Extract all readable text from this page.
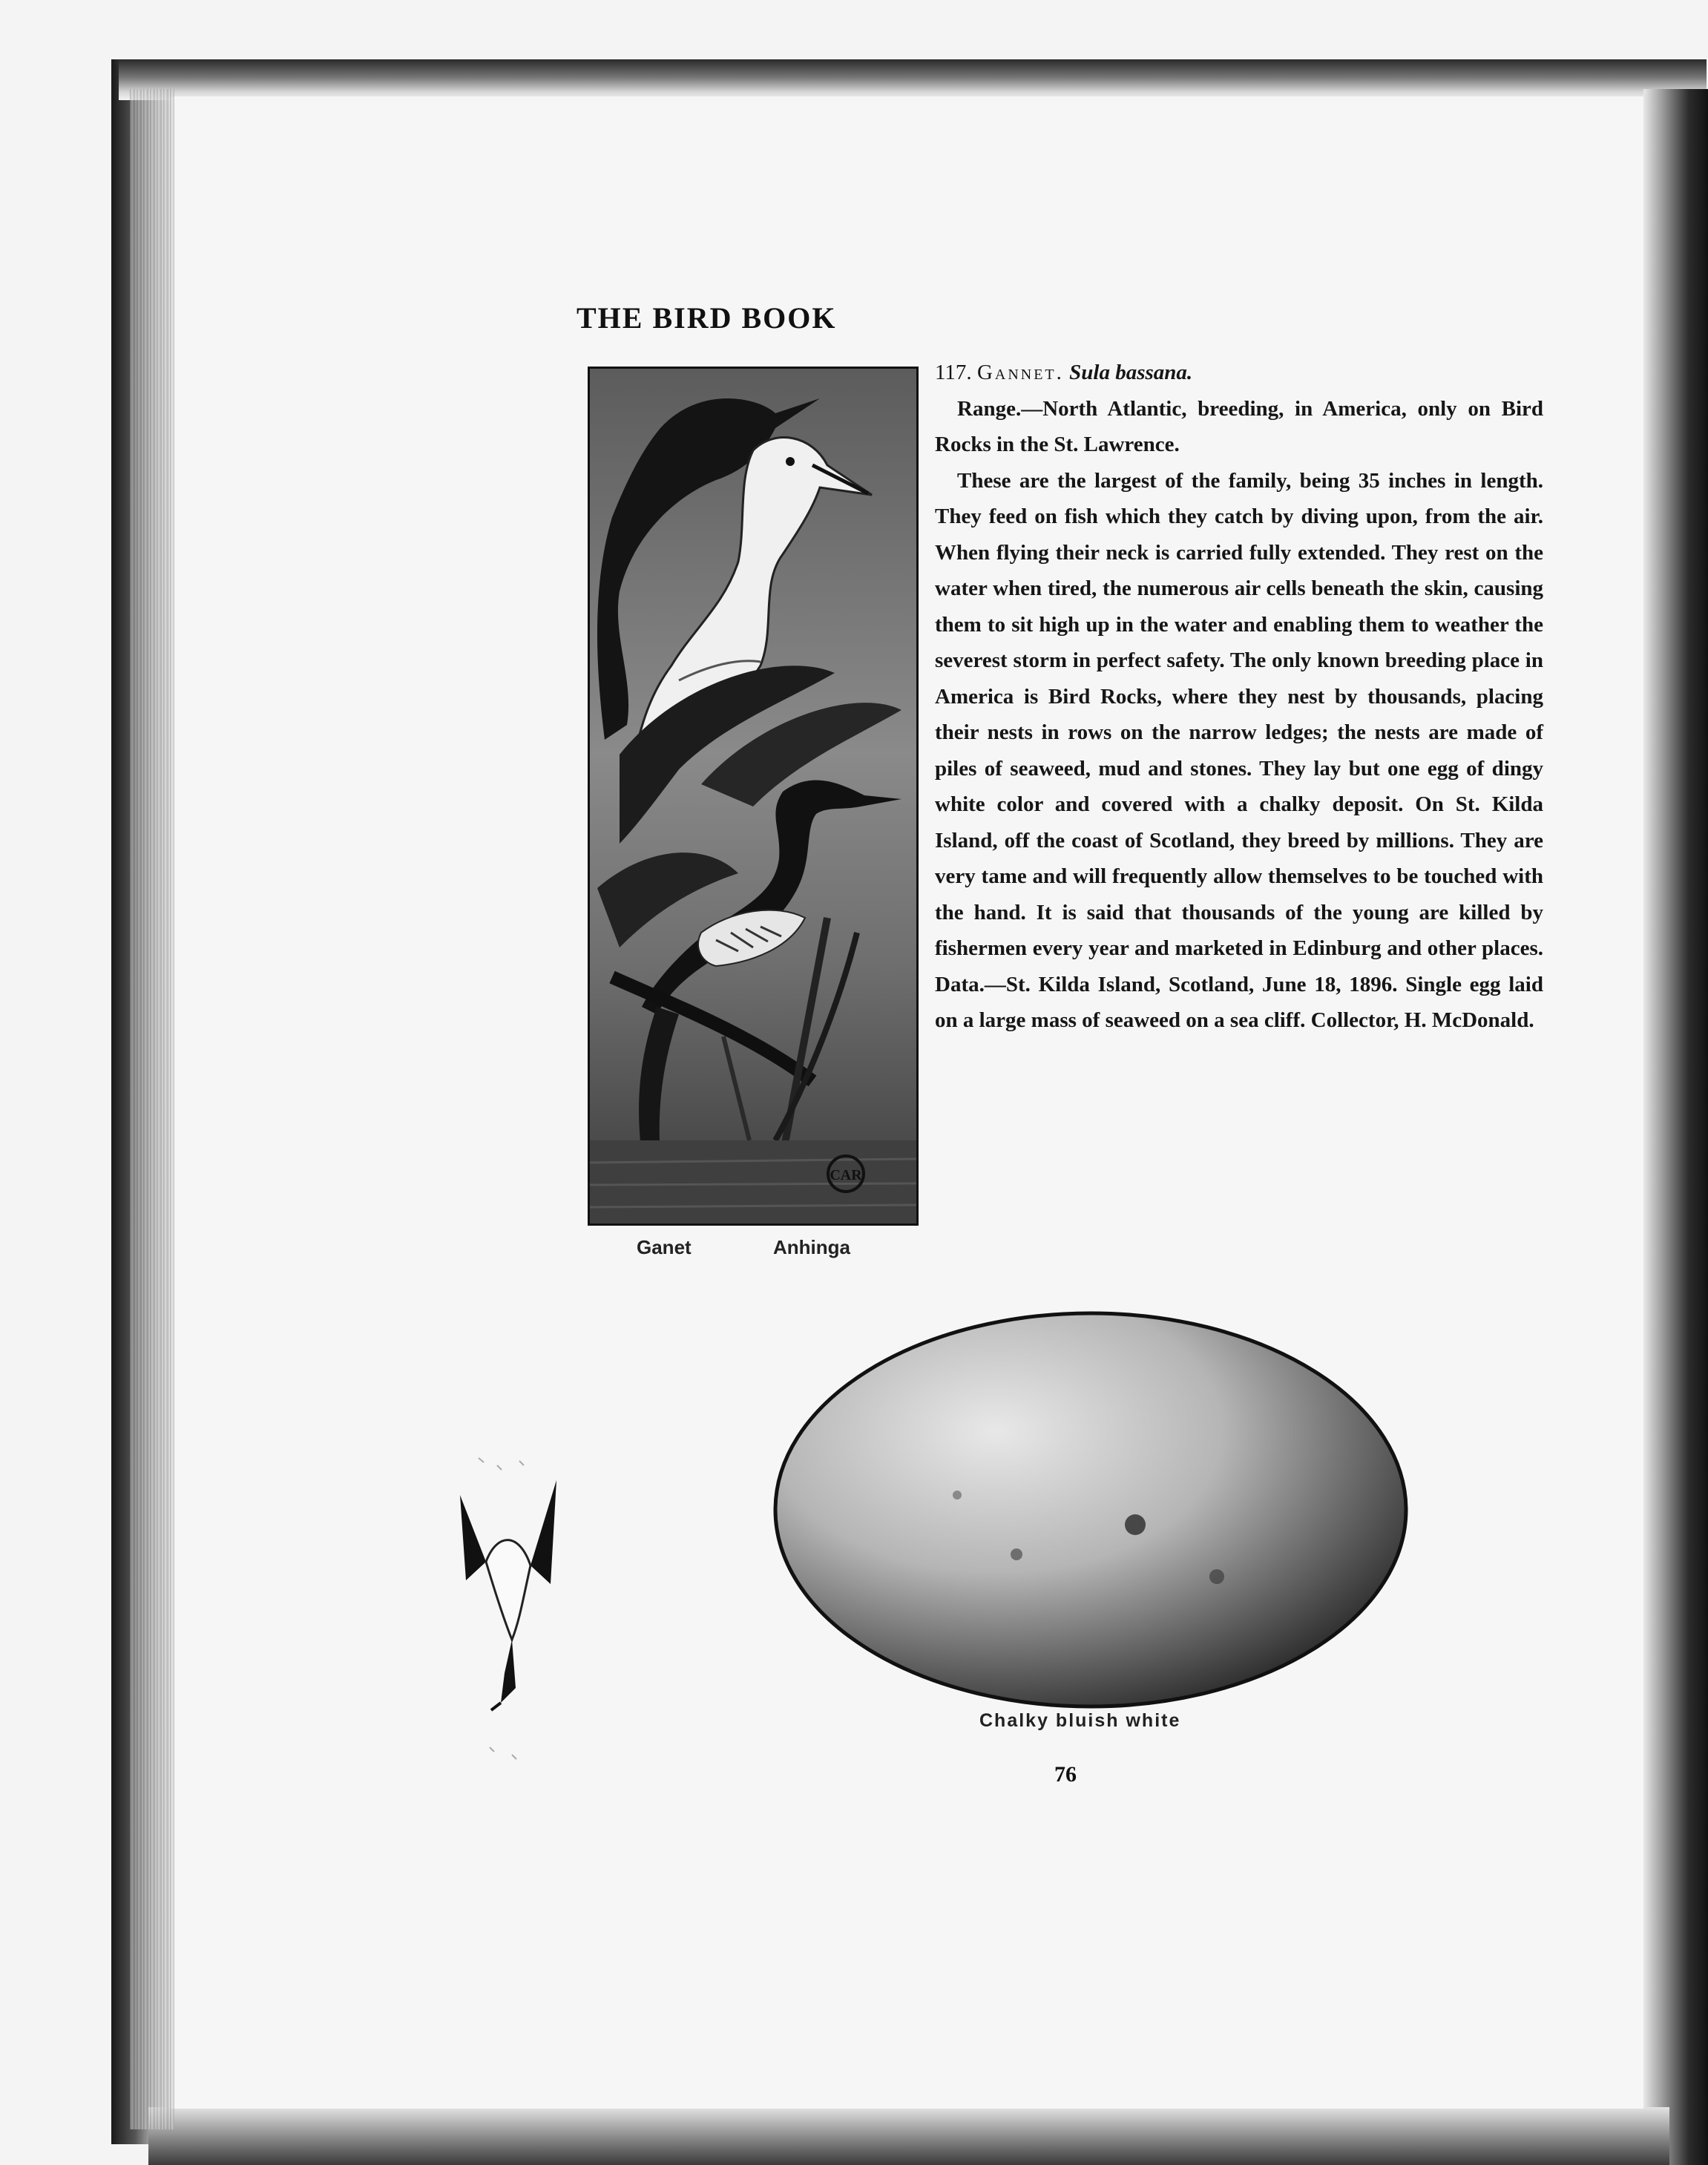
THE BIRD BOOK
CAR
Ganet	Anhinga

117. Gannet. Sula bassana.

Range.—North Atlantic, breeding, in America, only on Bird Rocks in the St. Lawrence.

These are the largest of the family, being 35 inches in length. They feed on fish which they catch by diving upon, from the air. When flying their neck is carried fully extended. They rest on the water when tired, the numerous air cells beneath the skin, causing them to sit high up in the water and enabling them to weather the severest storm in perfect safety. The only known breeding place in America is Bird Rocks, where they nest by thousands, placing their nests in rows on the narrow ledges; the nests are made of piles of seaweed, mud and stones. They lay but one egg of dingy white color and covered with a chalky deposit. On St. Kilda Island, off the coast of Scotland, they breed by millions. They are very tame and will frequently allow themselves to be touched with the hand. It is said that thousands of the young are killed by fishermen every year and marketed in Edinburg and other places. Data.—St. Kilda Island, Scotland, June 18, 1896. Single egg laid on a large mass of seaweed on a sea cliff. Collector, H. McDonald.

Chalky bluish white
76
